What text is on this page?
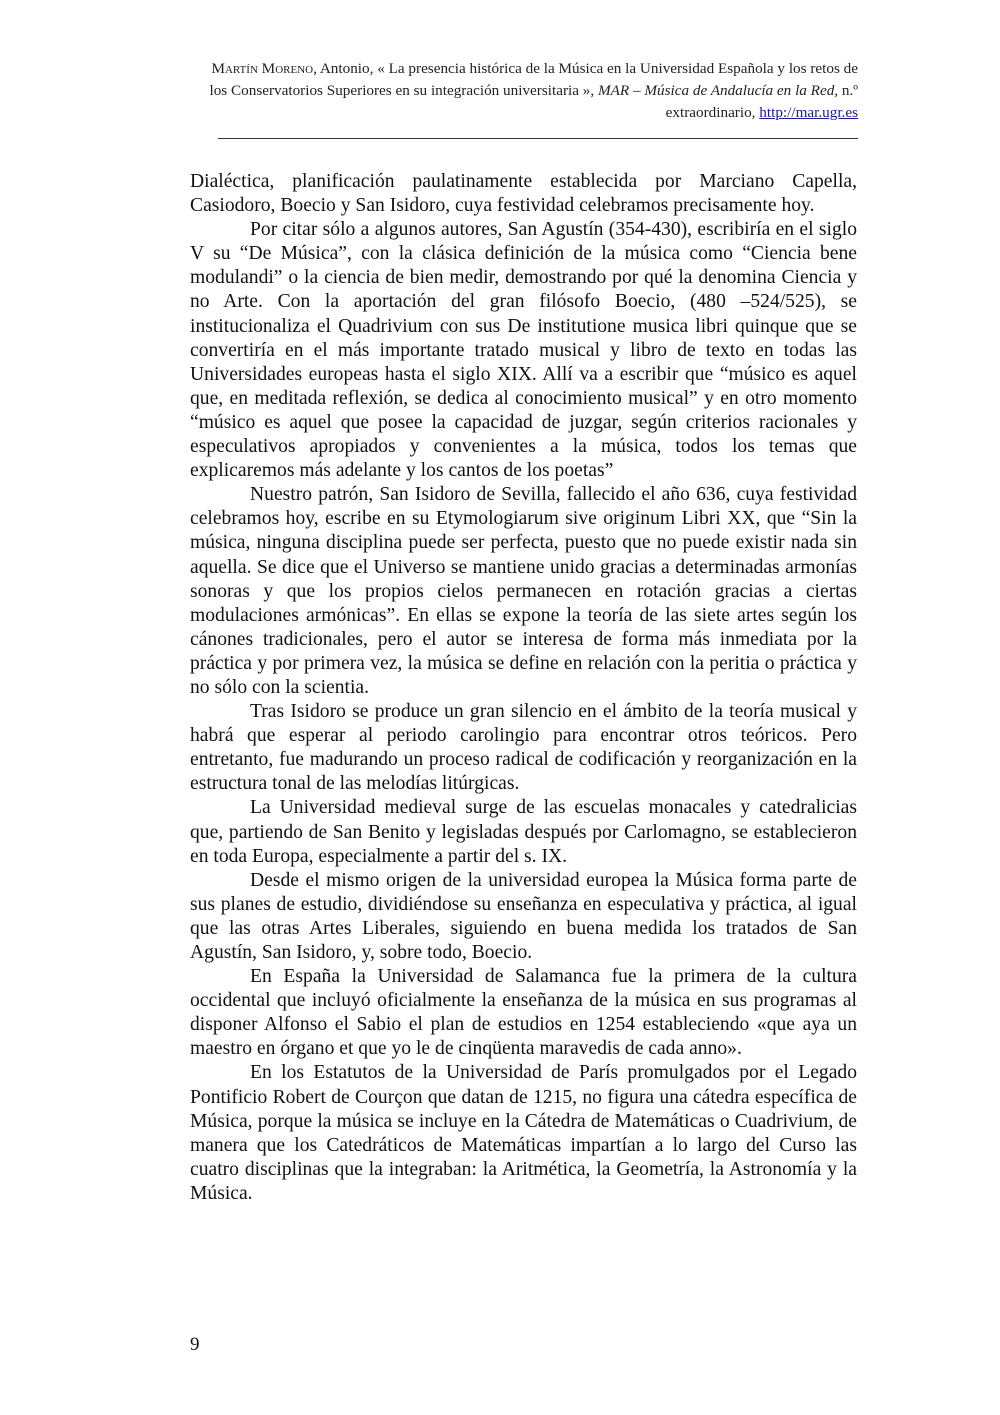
Martín Moreno, Antonio, « La presencia histórica de la Música en la Universidad Española y los retos de los Conservatorios Superiores en su integración universitaria », MAR – Música de Andalucía en la Red, n.º extraordinario, http://mar.ugr.es

Dialéctica, planificación paulatinamente establecida por Marciano Capella, Casiodoro, Boecio y San Isidoro, cuya festividad celebramos precisamente hoy.

Por citar sólo a algunos autores, San Agustín (354-430), escribiría en el siglo V su “De Música”, con la clásica definición de la música como “Ciencia bene modulandi” o la ciencia de bien medir, demostrando por qué la denomina Ciencia y no Arte. Con la aportación del gran filósofo Boecio, (480 –524/525), se institucionaliza el Quadrivium con sus De institutione musica libri quinque que se convertiría en el más importante tratado musical y libro de texto en todas las Universidades europeas hasta el siglo XIX. Allí va a escribir que “músico es aquel que, en meditada reflexión, se dedica al conocimiento musical” y en otro momento “músico es aquel que posee la capacidad de juzgar, según criterios racionales y especulativos apropiados y convenientes a la música, todos los temas que explicaremos más adelante y los cantos de los poetas”

Nuestro patrón, San Isidoro de Sevilla, fallecido el año 636, cuya festividad celebramos hoy, escribe en su Etymologiarum sive originum Libri XX, que “Sin la música, ninguna disciplina puede ser perfecta, puesto que no puede existir nada sin aquella. Se dice que el Universo se mantiene unido gracias a determinadas armonías sonoras y que los propios cielos permanecen en rotación gracias a ciertas modulaciones armónicas”. En ellas se expone la teoría de las siete artes según los cánones tradicionales, pero el autor se interesa de forma más inmediata por la práctica y por primera vez, la música se define en relación con la peritia o práctica y no sólo con la scientia.

Tras Isidoro se produce un gran silencio en el ámbito de la teoría musical y habrá que esperar al periodo carolingio para encontrar otros teóricos. Pero entretanto, fue madurando un proceso radical de codificación y reorganización en la estructura tonal de las melodías litúrgicas.

La Universidad medieval surge de las escuelas monacales y catedralicias que, partiendo de San Benito y legisladas después por Carlomagno, se establecieron en toda Europa, especialmente a partir del s. IX.

Desde el mismo origen de la universidad europea la Música forma parte de sus planes de estudio, dividiéndose su enseñanza en especulativa y práctica, al igual que las otras Artes Liberales, siguiendo en buena medida los tratados de San Agustín, San Isidoro, y, sobre todo, Boecio.

En España la Universidad de Salamanca fue la primera de la cultura occidental que incluyó oficialmente la enseñanza de la música en sus programas al disponer Alfonso el Sabio el plan de estudios en 1254 estableciendo «que aya un maestro en órgano et que yo le de cinqüenta maravedis de cada anno».

En los Estatutos de la Universidad de París promulgados por el Legado Pontificio Robert de Courçon que datan de 1215, no figura una cátedra específica de Música, porque la música se incluye en la Cátedra de Matemáticas o Cuadrivium, de manera que los Catedráticos de Matemáticas impartían a lo largo del Curso las cuatro disciplinas que la integraban: la Aritmética, la Geometría, la Astronomía y la Música.

9
